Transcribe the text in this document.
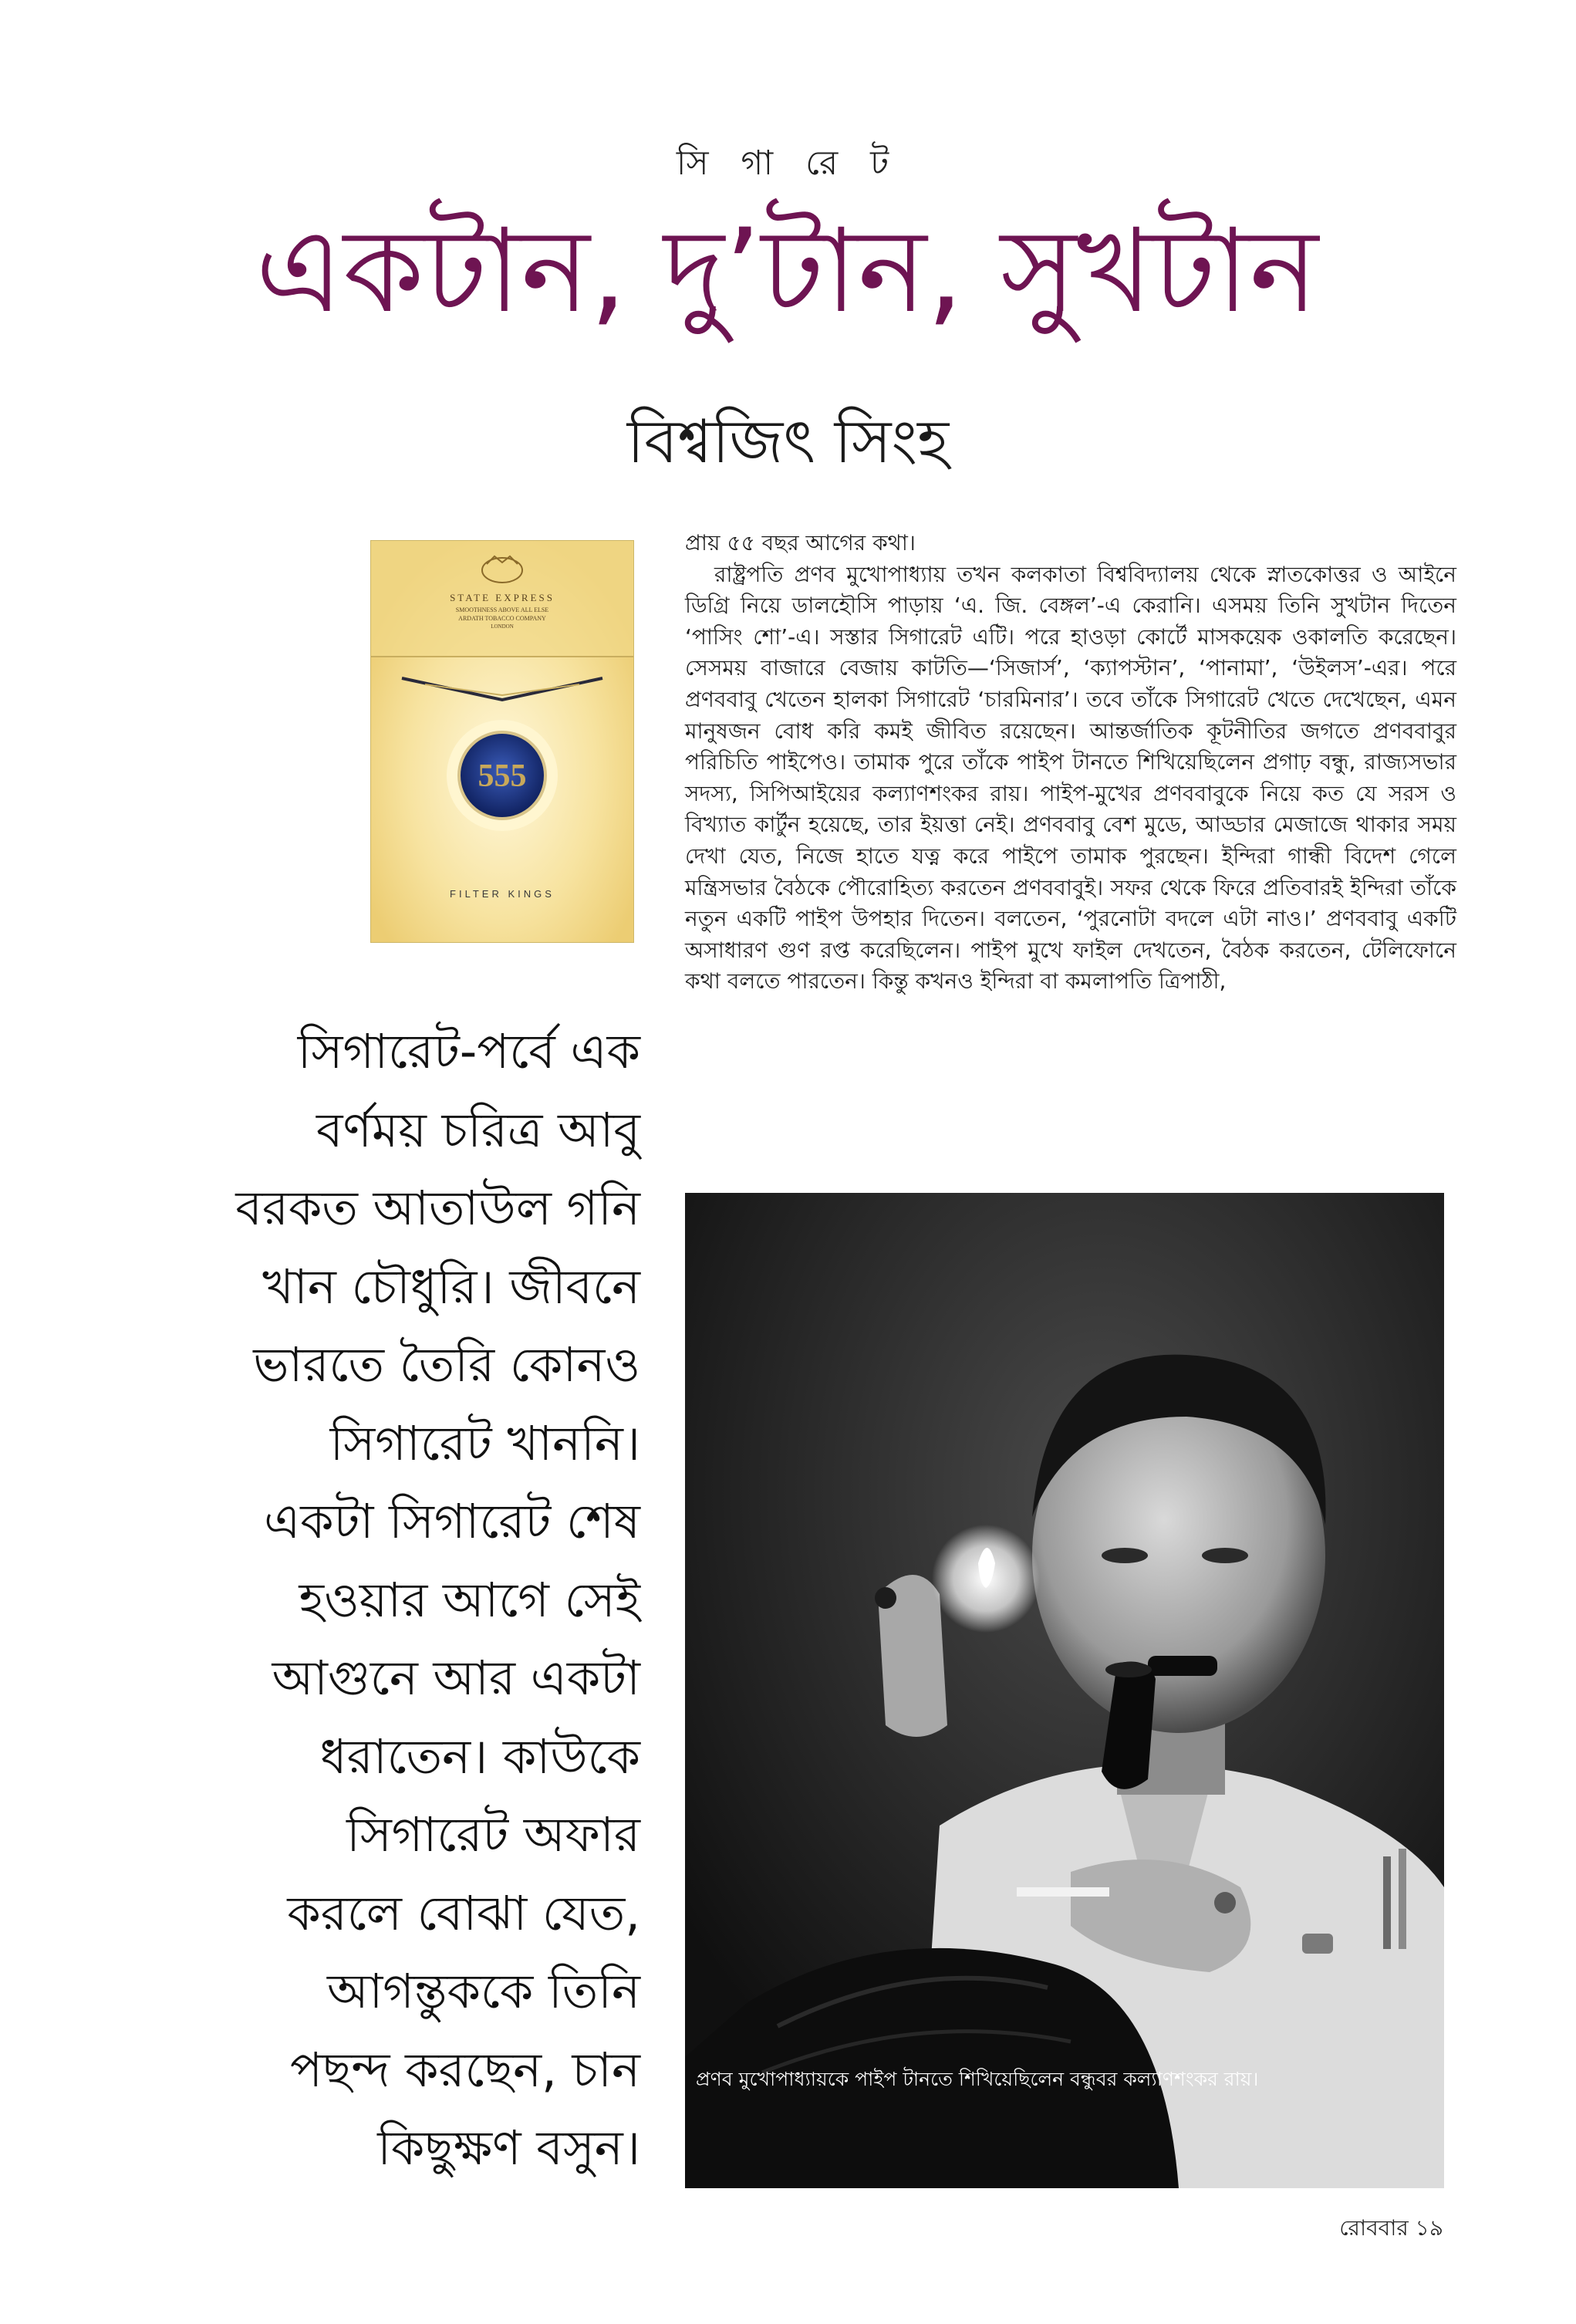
সি গা রে ট
একটান, দু’টান, সুখটান
বিশ্বজিৎ সিংহ
STATE EXPRESS
SMOOTHNESS ABOVE ALL ELSE
ARDATH TOBACCO COMPANY
LONDON
555
FILTER KINGS

প্রায় ৫৫ বছর আগের কথা।

রাষ্ট্রপতি প্রণব মুখোপাধ্যায় তখন কলকাতা বিশ্ববিদ্যালয় থেকে স্নাতকোত্তর ও আইনে ডিগ্রি নিয়ে ডালহৌসি পাড়ায় ‘এ. জি. বেঙ্গল’-এ কেরানি। এসময় তিনি সুখটান দিতেন ‘পাসিং শো’-এ। সস্তার সিগারেট এটি। পরে হাওড়া কোর্টে মাসকয়েক ওকালতি করেছেন। সেসময় বাজারে বেজায় কাটতি—‘সিজার্স’, ‘ক্যাপস্টান’, ‘পানামা’, ‘উইলস’-এর। পরে প্রণববাবু খেতেন হালকা সিগারেট ‘চারমিনার’। তবে তাঁকে সিগারেট খেতে দেখেছেন, এমন মানুষজন বোধ করি কমই জীবিত রয়েছেন। আন্তর্জাতিক কূটনীতির জগতে প্রণববাবুর পরিচিতি পাইপেও। তামাক পুরে তাঁকে পাইপ টানতে শিখিয়েছিলেন প্রগাঢ় বন্ধু, রাজ্যসভার সদস্য, সিপিআইয়ের কল্যাণশংকর রায়। পাইপ-মুখের প্রণববাবুকে নিয়ে কত যে সরস ও বিখ্যাত কার্টুন হয়েছে, তার ইয়ত্তা নেই। প্রণববাবু বেশ মুডে, আড্ডার মেজাজে থাকার সময় দেখা যেত, নিজে হাতে যত্ন করে পাইপে তামাক পুরছেন। ইন্দিরা গান্ধী বিদেশ গেলে মন্ত্রিসভার বৈঠকে পৌরোহিত্য করতেন প্রণববাবুই। সফর থেকে ফিরে প্রতিবারই ইন্দিরা তাঁকে নতুন একটি পাইপ উপহার দিতেন। বলতেন, ‘পুরনোটা বদলে এটা নাও।’ প্রণববাবু একটি অসাধারণ গুণ রপ্ত করেছিলেন। পাইপ মুখে ফাইল দেখতেন, বৈঠক করতেন, টেলিফোনে কথা বলতে পারতেন। কিন্তু কখনও ইন্দিরা বা কমলাপতি ত্রিপাঠী,

সিগারেট-পর্বে এক
বর্ণময় চরিত্র আবু
বরকত আতাউল গনি
খান চৌধুরি। জীবনে
ভারতে তৈরি কোনও
সিগারেট খাননি।
একটা সিগারেট শেষ
হওয়ার আগে সেই
আগুনে আর একটা
ধরাতেন। কাউকে
সিগারেট অফার
করলে বোঝা যেত,
আগন্তুককে তিনি
পছন্দ করছেন, চান
কিছুক্ষণ বসুন।
প্রণব মুখোপাধ্যায়কে পাইপ টানতে শিখিয়েছিলেন বন্ধুবর কল্যাণশংকর রায়।
রোববার ১৯
